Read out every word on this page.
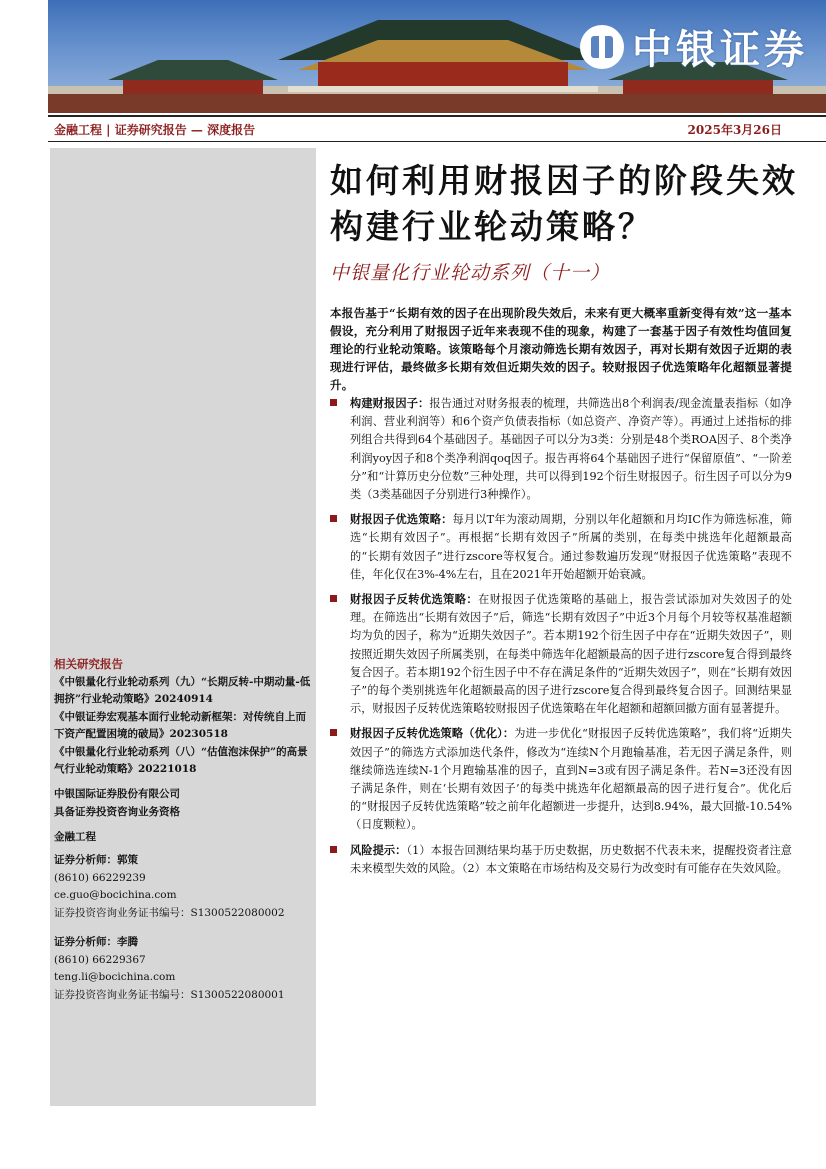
中银证券
金融工程 | 证券研究报告 — 深度报告	2025年3月26日
如何利用财报因子的阶段失效构建行业轮动策略？
中银量化行业轮动系列（十一）
本报告基于“长期有效的因子在出现阶段失效后，未来有更大概率重新变得有效”这一基本假设，充分利用了财报因子近年来表现不佳的现象，构建了一套基于因子有效性均值回复理论的行业轮动策略。该策略每个月滚动筛选长期有效因子，再对长期有效因子近期的表现进行评估，最终做多长期有效但近期失效的因子。较财报因子优选策略年化超额显著提升。
构建财报因子：报告通过对财务报表的梳理，共筛选出8个利润表/现金流量表指标（如净利润、营业利润等）和6个资产负债表指标（如总资产、净资产等）。再通过上述指标的排列组合共得到64个基础因子。基础因子可以分为3类：分别是48个类ROA因子、8个类净利润yoy因子和8个类净利润qoq因子。报告再将64个基础因子进行“保留原值”、“一阶差分”和“计算历史分位数”三种处理，共可以得到192个衍生财报因子。衍生因子可以分为9类（3类基础因子分别进行3种操作）。
财报因子优选策略：每月以T年为滚动周期，分别以年化超额和月均IC作为筛选标准，筛选“长期有效因子”。再根据“长期有效因子”所属的类别，在每类中挑选年化超额最高的“长期有效因子”进行zscore等权复合。通过参数遍历发现“财报因子优选策略”表现不佳，年化仅在3%-4%左右，且在2021年开始超额开始衰减。
财报因子反转优选策略：在财报因子优选策略的基础上，报告尝试添加对失效因子的处理。在筛选出“长期有效因子”后，筛选“长期有效因子”中近3个月每个月较等权基准超额均为负的因子，称为“近期失效因子”。若本期192个衍生因子中存在“近期失效因子”，则按照近期失效因子所属类别，在每类中筛选年化超额最高的因子进行zscore复合得到最终复合因子。若本期192个衍生因子中不存在满足条件的“近期失效因子”，则在“长期有效因子”的每个类别挑选年化超额最高的因子进行zscore复合得到最终复合因子。回测结果显示，财报因子反转优选策略较财报因子优选策略在年化超额和超额回撤方面有显著提升。
财报因子反转优选策略（优化）：为进一步优化“财报因子反转优选策略”，我们将“近期失效因子”的筛选方式添加迭代条件，修改为“连续N个月跑输基准，若无因子满足条件，则继续筛选连续N-1个月跑输基准的因子，直到N=3或有因子满足条件。若N=3还没有因子满足条件，则在‘长期有效因子’的每类中挑选年化超额最高的因子进行复合”。优化后的“财报因子反转优选策略”较之前年化超额进一步提升，达到8.94%，最大回撤-10.54%（日度颗粒）。
风险提示：（1）本报告回测结果均基于历史数据，历史数据不代表未来，提醒投资者注意未来模型失效的风险。（2）本文策略在市场结构及交易行为改变时有可能存在失效风险。
相关研究报告
《中银量化行业轮动系列（九）“长期反转-中期动量-低拥挤”行业轮动策略》20240914
《中银证券宏观基本面行业轮动新框架：对传统自上而下资产配置困境的破局》20230518
《中银量化行业轮动系列（八）“估值泡沫保护”的高景气行业轮动策略》20221018
中银国际证券股份有限公司
具备证券投资咨询业务资格
金融工程
证券分析师：郭策
(8610) 66229239
ce.guo@bocichina.com
证券投资咨询业务证书编号：S1300522080002
证券分析师：李腾
(8610) 66229367
teng.li@bocichina.com
证券投资咨询业务证书编号：S1300522080001
